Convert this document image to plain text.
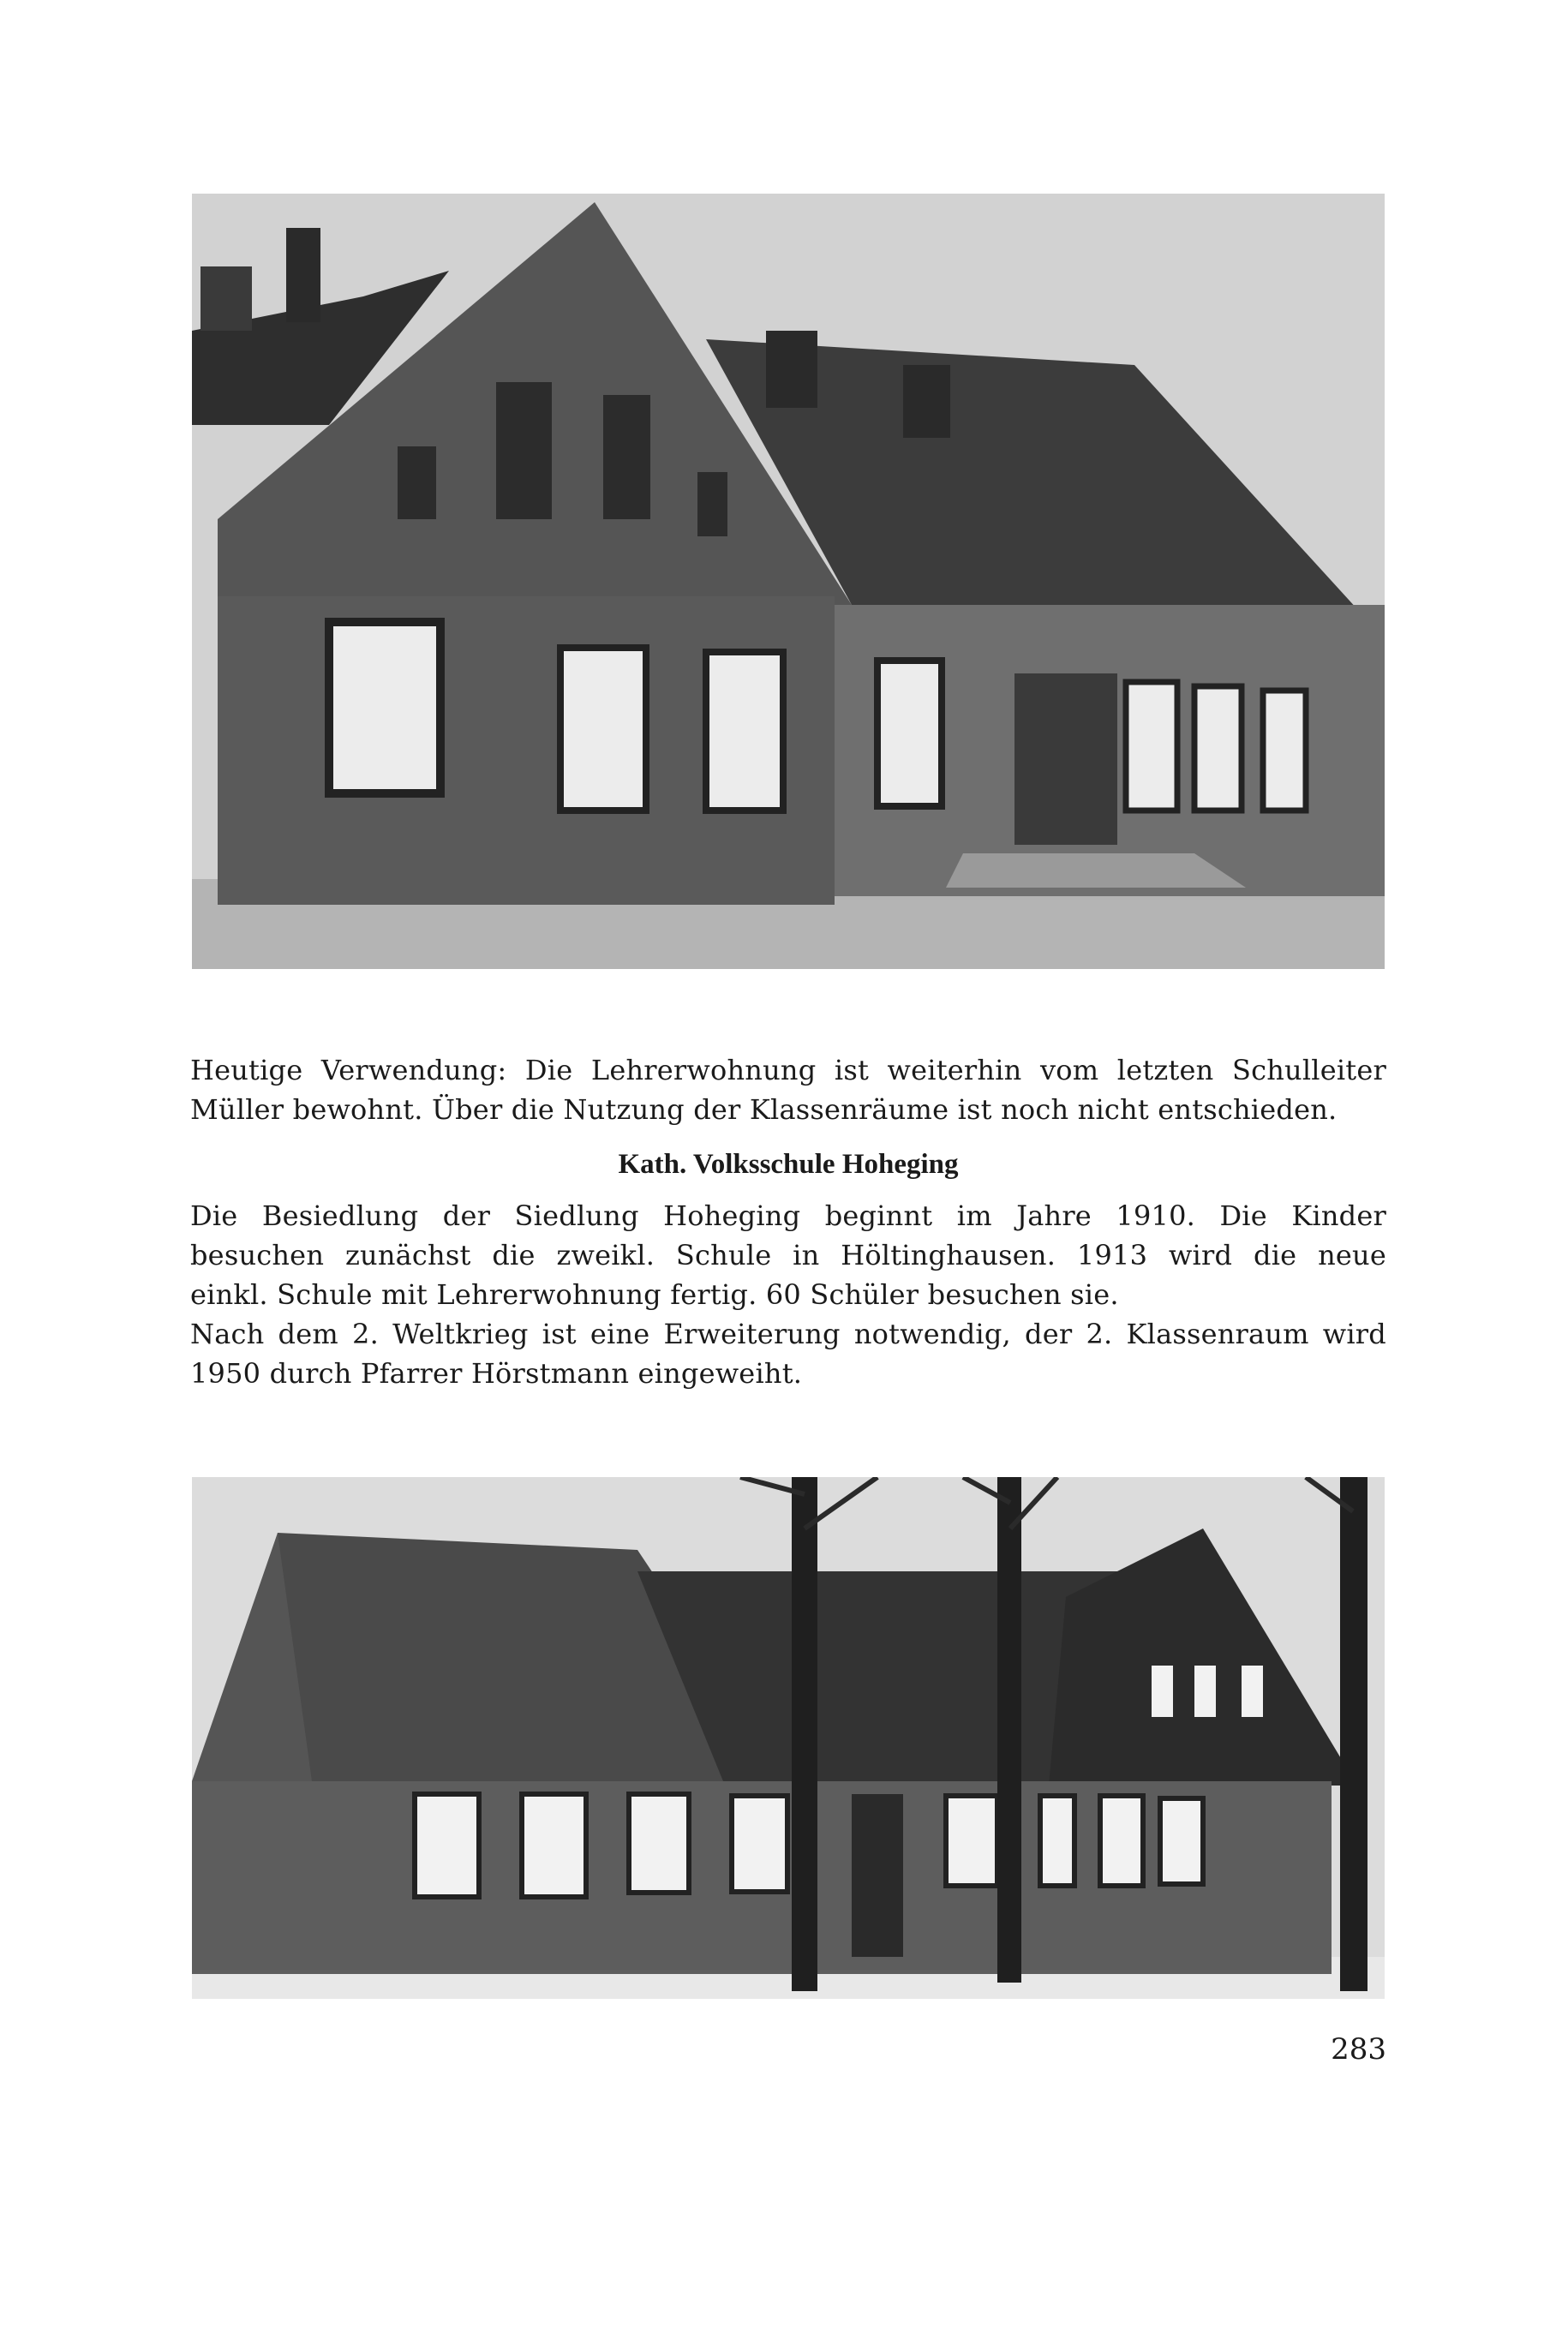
Heutige Verwendung: Die Lehrerwohnung ist weiterhin vom letzten Schulleiter
Müller bewohnt. Über die Nutzung der Klassenräume ist noch nicht entschieden.
Kath. Volksschule Hoheging
Die Besiedlung der Siedlung Hoheging beginnt im Jahre 1910. Die Kinder
besuchen zunächst die zweikl. Schule in Höltinghausen. 1913 wird die neue
einkl. Schule mit Lehrerwohnung fertig. 60 Schüler besuchen sie.
Nach dem 2. Weltkrieg ist eine Erweiterung notwendig, der 2. Klassenraum wird
1950 durch Pfarrer Hörstmann eingeweiht.
283
